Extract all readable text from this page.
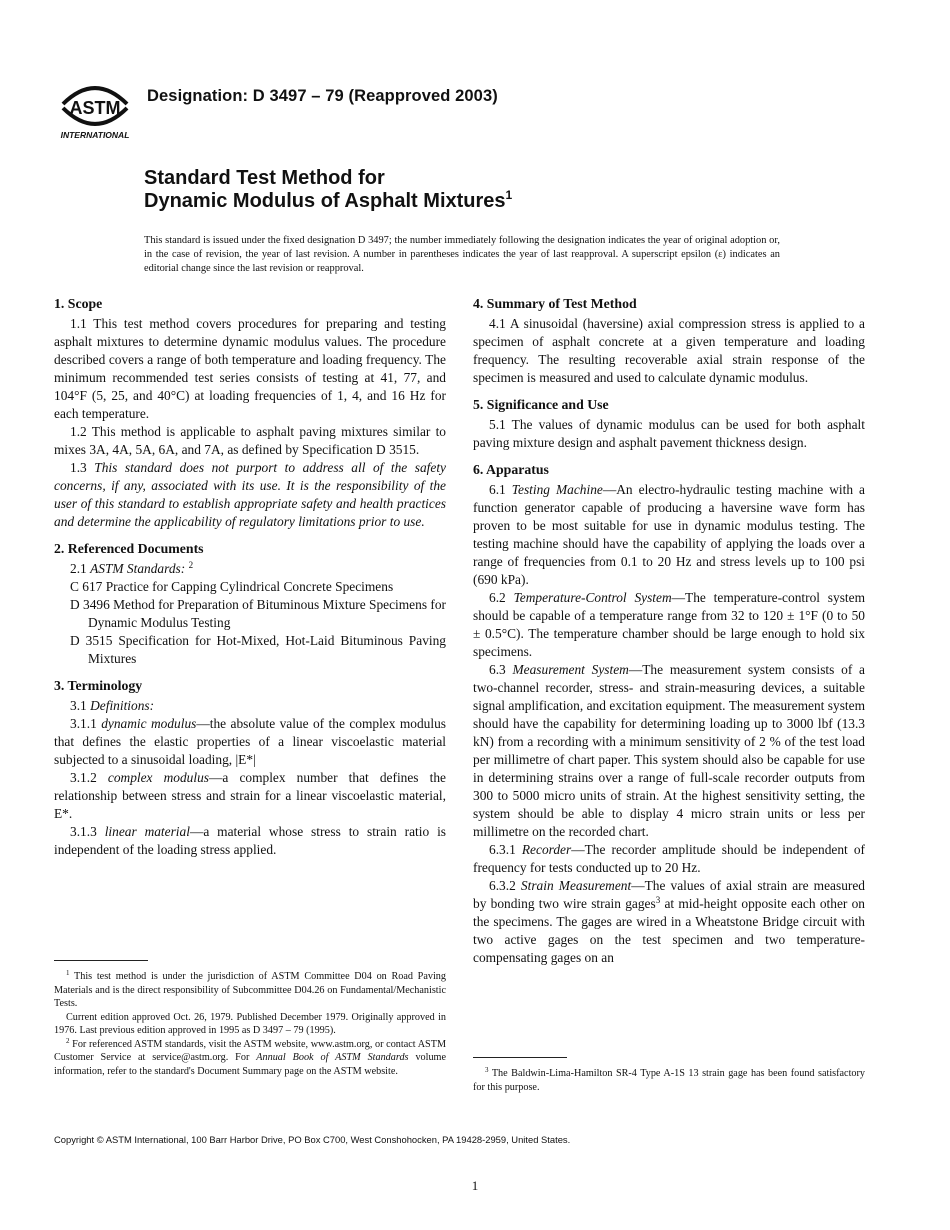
ASTM
INTERNATIONAL
Designation: D 3497 – 79 (Reapproved 2003)
Standard Test Method for
Dynamic Modulus of Asphalt Mixtures$^1$
This standard is issued under the fixed designation D 3497; the number immediately following the designation indicates the year of original adoption or, in the case of revision, the year of last revision. A number in parentheses indicates the year of last reapproval. A superscript epsilon (ε) indicates an editorial change since the last revision or reapproval.
1. Scope

1.1 This test method covers procedures for preparing and testing asphalt mixtures to determine dynamic modulus values. The procedure described covers a range of both temperature and loading frequency. The minimum recommended test series consists of testing at 41, 77, and 104°F (5, 25, and 40°C) at loading frequencies of 1, 4, and 16 Hz for each temperature.

1.2 This method is applicable to asphalt paving mixtures similar to mixes 3A, 4A, 5A, 6A, and 7A, as defined by Specification D 3515.

1.3 This standard does not purport to address all of the safety concerns, if any, associated with its use. It is the responsibility of the user of this standard to establish appropriate safety and health practices and determine the applicability of regulatory limitations prior to use.

2. Referenced Documents

2.1 ASTM Standards: $^2$

C 617 Practice for Capping Cylindrical Concrete Specimens

D 3496 Method for Preparation of Bituminous Mixture Specimens for Dynamic Modulus Testing

D 3515 Specification for Hot-Mixed, Hot-Laid Bituminous Paving Mixtures

3. Terminology

3.1 Definitions:

3.1.1 dynamic modulus—the absolute value of the complex modulus that defines the elastic properties of a linear viscoelastic material subjected to a sinusoidal loading, |E*|

3.1.2 complex modulus—a complex number that defines the relationship between stress and strain for a linear viscoelastic material, E*.

3.1.3 linear material—a material whose stress to strain ratio is independent of the loading stress applied.

4. Summary of Test Method

4.1 A sinusoidal (haversine) axial compression stress is applied to a specimen of asphalt concrete at a given temperature and loading frequency. The resulting recoverable axial strain response of the specimen is measured and used to calculate dynamic modulus.

5. Significance and Use

5.1 The values of dynamic modulus can be used for both asphalt paving mixture design and asphalt pavement thickness design.

6. Apparatus

6.1 Testing Machine—An electro-hydraulic testing machine with a function generator capable of producing a haversine wave form has proven to be most suitable for use in dynamic modulus testing. The testing machine should have the capability of applying the loads over a range of frequencies from 0.1 to 20 Hz and stress levels up to 100 psi (690 kPa).

6.2 Temperature-Control System—The temperature-control system should be capable of a temperature range from 32 to 120 ± 1°F (0 to 50 ± 0.5°C). The temperature chamber should be large enough to hold six specimens.

6.3 Measurement System—The measurement system consists of a two-channel recorder, stress- and strain-measuring devices, a suitable signal amplification, and excitation equipment. The measurement system should have the capability for determining loading up to 3000 lbf (13.3 kN) from a recording with a minimum sensitivity of 2 % of the test load per millimetre of chart paper. This system should also be capable for use in determining strains over a range of full-scale recorder outputs from 300 to 5000 micro units of strain. At the highest sensitivity setting, the system should be able to display 4 micro strain units or less per millimetre on the recorded chart.

6.3.1 Recorder—The recorder amplitude should be independent of frequency for tests conducted up to 20 Hz.

6.3.2 Strain Measurement—The values of axial strain are measured by bonding two wire strain gages$^3$ at mid-height opposite each other on the specimens. The gages are wired in a Wheatstone Bridge circuit with two active gages on the test specimen and two temperature-compensating gages on an

$^1$ This test method is under the jurisdiction of ASTM Committee D04 on Road Paving Materials and is the direct responsibility of Subcommittee D04.26 on Fundamental/Mechanistic Tests.

Current edition approved Oct. 26, 1979. Published December 1979. Originally approved in 1976. Last previous edition approved in 1995 as D 3497 – 79 (1995).

$^2$ For referenced ASTM standards, visit the ASTM website, www.astm.org, or contact ASTM Customer Service at service@astm.org. For Annual Book of ASTM Standards volume information, refer to the standard's Document Summary page on the ASTM website.	$^3$ The Baldwin-Lima-Hamilton SR-4 Type A-1S 13 strain gage has been found satisfactory for this purpose.

Copyright © ASTM International, 100 Barr Harbor Drive, PO Box C700, West Conshohocken, PA 19428-2959, United States.
1
